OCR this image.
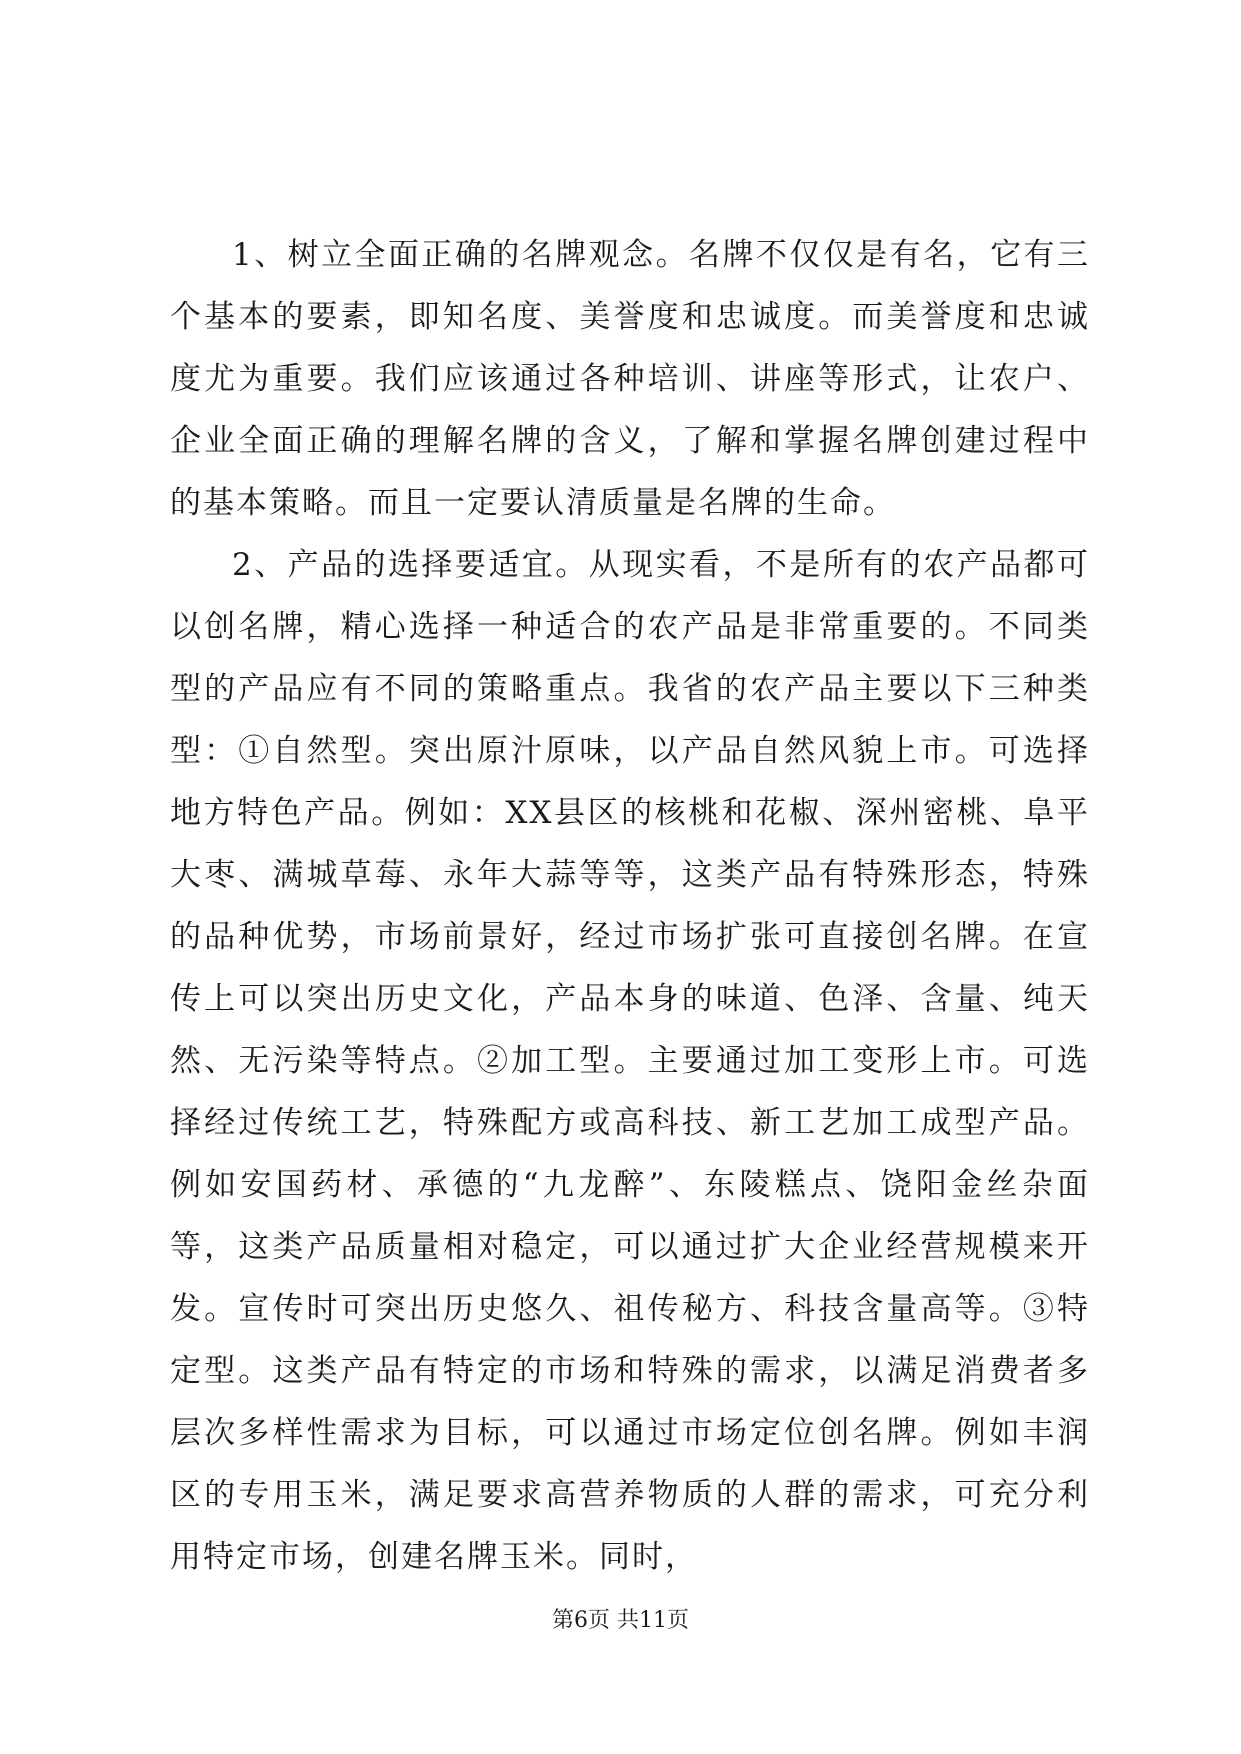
1、树立全面正确的名牌观念。名牌不仅仅是有名，它有三个基本的要素，即知名度、美誉度和忠诚度。而美誉度和忠诚度尤为重要。我们应该通过各种培训、讲座等形式，让农户、企业全面正确的理解名牌的含义，了解和掌握名牌创建过程中的基本策略。而且一定要认清质量是名牌的生命。

2、产品的选择要适宜。从现实看，不是所有的农产品都可以创名牌，精心选择一种适合的农产品是非常重要的。不同类型的产品应有不同的策略重点。我省的农产品主要以下三种类型：①自然型。突出原汁原味，以产品自然风貌上市。可选择地方特色产品。例如：XX县区的核桃和花椒、深州密桃、阜平大枣、满城草莓、永年大蒜等等，这类产品有特殊形态，特殊的品种优势，市场前景好，经过市场扩张可直接创名牌。在宣传上可以突出历史文化，产品本身的味道、色泽、含量、纯天然、无污染等特点。②加工型。主要通过加工变形上市。可选择经过传统工艺，特殊配方或高科技、新工艺加工成型产品。例如安国药材、承德的“九龙醉”、东陵糕点、饶阳金丝杂面等，这类产品质量相对稳定，可以通过扩大企业经营规模来开发。宣传时可突出历史悠久、祖传秘方、科技含量高等。③特定型。这类产品有特定的市场和特殊的需求，以满足消费者多层次多样性需求为目标，可以通过市场定位创名牌。例如丰润区的专用玉米，满足要求高营养物质的人群的需求，可充分利用特定市场，创建名牌玉米。同时，

第6页 共11页
